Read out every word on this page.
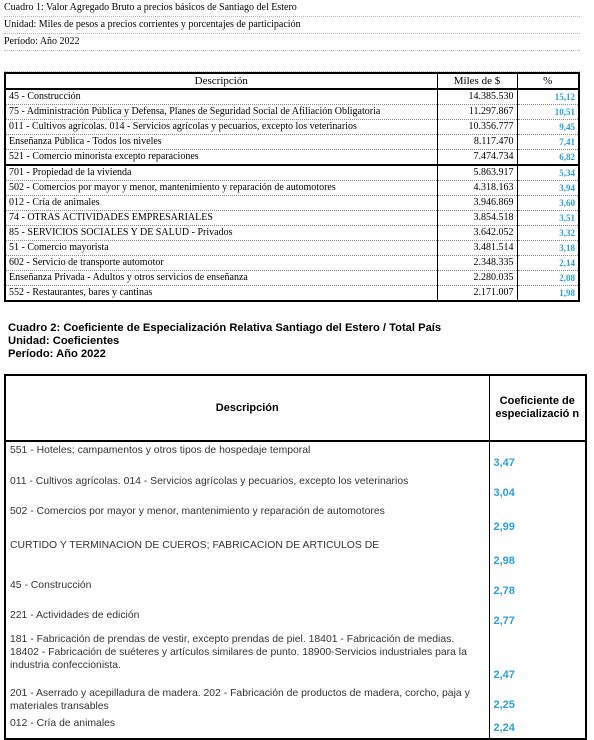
Cuadro 1: Valor Agregado Bruto a precios básicos de Santiago del Estero
Unidad: Miles de pesos a precios corrientes y porcentajes de participación
Período: Año 2022
Descripción	Miles de $	%
45 - Construcción	14.385.530	15,12
75 - Administración Pública y Defensa, Planes de Seguridad Social de Afiliación Obligatoria	11.297.867	10,51
011 - Cultivos agrícolas. 014 - Servicios agrícolas y pecuarios, excepto los veterinarios	10.356.777	9,45
Enseñanza Pública - Todos los niveles	8.117.470	7,41
521 - Comercio minorista excepto reparaciones	7.474.734	6,82
701 - Propiedad de la vivienda	5.863.917	5,34
502 - Comercios por mayor y menor, mantenimiento y reparación de automotores	4.318.163	3,94
012 - Cría de animales	3.946.869	3,60
74 - OTRAS ACTIVIDADES EMPRESARIALES	3.854.518	3,51
85 - SERVICIOS SOCIALES Y DE SALUD - Privados	3.642.052	3,32
51 - Comercio mayorista	3.481.514	3,18
602 - Servicio de transporte automotor	2.348.335	2,14
Enseñanza Privada - Adultos y otros servicios de enseñanza	2.280.035	2,08
552 - Restaurantes, bares y cantinas	2.171.007	1,98
Cuadro 2: Coeficiente de Especialización Relativa Santiago del Estero / Total País
Unidad: Coeficientes
Período: Año 2022
Descripción	Coeficiente de especializació n
551 - Hoteles; campamentos y otros tipos de hospedaje temporal	3,47
011 - Cultivos agrícolas. 014 - Servicios agrícolas y pecuarios, excepto los veterinarios	3,04
502 - Comercios por mayor y menor, mantenimiento y reparación de automotores	2,99
CURTIDO Y TERMINACION DE CUEROS; FABRICACION DE ARTICULOS DE	2,98
45 - Construcción	2,78
221 - Actividades de edición	2,77
181 - Fabricación de prendas de vestir, excepto prendas de piel. 18401 - Fabricación de medias. 18402 - Fabricación de suéteres y artículos similares de punto. 18900-Servicios industriales para la industria confeccionista.	2,47
201 - Aserrado y acepilladura de madera. 202 - Fabricación de productos de madera, corcho, paja y materiales transables	2,25
012 - Cría de animales	2,24
